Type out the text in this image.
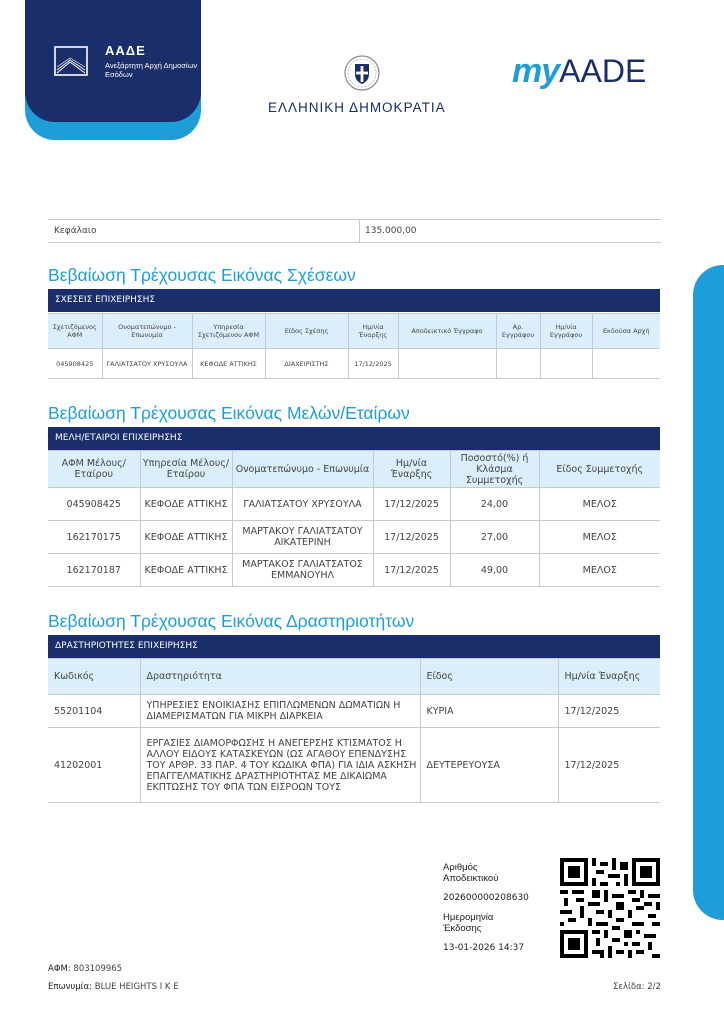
ΑΑΔΕ
Ανεξάρτητη Αρχή Δημοσίων Εσόδων
ΕΛΛΗΝΙΚΗ ΔΗΜΟΚΡΑΤΙΑ
myAADE
Κεφάλαιο	135.000,00
Βεβαίωση Τρέχουσας Εικόνας Σχέσεων
ΣΧΕΣΕΙΣ ΕΠΙΧΕΙΡΗΣΗΣ
Σχετιζόμενος ΑΦΜ	Ονοματεπώνυμο - Επωνυμία	Υπηρεσία Σχετιζόμενου ΑΦΜ	Είδος Σχέσης	Ημ/νία Έναρξης	Αποδεικτικό Έγγραφο	Αρ. Εγγράφου	Ημ/νία Εγγράφου	Εκδούσα Αρχή
045908425	ΓΑΛΙΑΤΣΑΤΟΥ ΧΡΥΣΟΥΛΑ	ΚΕΦΟΔΕ ΑΤΤΙΚΗΣ	ΔΙΑΧΕΙΡΙΣΤΗΣ	17/12/2025				
Βεβαίωση Τρέχουσας Εικόνας Μελών/Εταίρων
ΜΕΛΗ/ΕΤΑΙΡΟΙ ΕΠΙΧΕΙΡΗΣΗΣ
ΑΦΜ Μέλους/Εταίρου	Υπηρεσία Μέλους/Εταίρου	Ονοματεπώνυμο - Επωνυμία	Ημ/νία Έναρξης	Ποσοστό(%) ή Κλάσμα Συμμετοχής	Είδος Συμμετοχής
045908425	ΚΕΦΟΔΕ ΑΤΤΙΚΗΣ	ΓΑΛΙΑΤΣΑΤΟΥ ΧΡΥΣΟΥΛΑ	17/12/2025	24,00	ΜΕΛΟΣ
162170175	ΚΕΦΟΔΕ ΑΤΤΙΚΗΣ	ΜΑΡΤΑΚΟΥ ΓΑΛΙΑΤΣΑΤΟΥ ΑΙΚΑΤΕΡΙΝΗ	17/12/2025	27,00	ΜΕΛΟΣ
162170187	ΚΕΦΟΔΕ ΑΤΤΙΚΗΣ	ΜΑΡΤΑΚΟΣ ΓΑΛΙΑΤΣΑΤΟΣ ΕΜΜΑΝΟΥΗΛ	17/12/2025	49,00	ΜΕΛΟΣ
Βεβαίωση Τρέχουσας Εικόνας Δραστηριοτήτων
ΔΡΑΣΤΗΡΙΟΤΗΤΕΣ ΕΠΙΧΕΙΡΗΣΗΣ
Κωδικός	Δραστηριότητα	Είδος	Ημ/νία Έναρξης
55201104	ΥΠΗΡΕΣΙΕΣ ΕΝΟΙΚΙΑΣΗΣ ΕΠΙΠΛΩΜΕΝΩΝ ΔΩΜΑΤΙΩΝ Η ΔΙΑΜΕΡΙΣΜΑΤΩΝ ΓΙΑ ΜΙΚΡΗ ΔΙΑΡΚΕΙΑ	ΚΥΡΙΑ	17/12/2025
41202001	ΕΡΓΑΣΙΕΣ ΔΙΑΜΟΡΦΩΣΗΣ Η ΑΝΕΓΕΡΣΗΣ ΚΤΙΣΜΑΤΟΣ Η ΑΛΛΟΥ ΕΙΔΟΥΣ ΚΑΤΑΣΚΕΥΩΝ (ΩΣ ΑΓΑΘΟΥ ΕΠΕΝΔΥΣΗΣ ΤΟΥ ΑΡΘΡ. 33 ΠΑΡ. 4 ΤΟΥ ΚΩΔΙΚΑ ΦΠΑ) ΓΙΑ ΙΔΙΑ ΑΣΚΗΣΗ ΕΠΑΓΓΕΛΜΑΤΙΚΗΣ ΔΡΑΣΤΗΡΙΟΤΗΤΑΣ ΜΕ ΔΙΚΑΙΩΜΑ ΕΚΠΤΩΣΗΣ ΤΟΥ ΦΠΑ ΤΩΝ ΕΙΣΡΟΩΝ ΤΟΥΣ	ΔΕΥΤΕΡΕΥΟΥΣΑ	17/12/2025
Αριθμός Αποδεικτικού
202600000208630
Ημερομηνία Έκδοσης
13-01-2026 14:37
ΑΦΜ: 803109965
Επωνυμία: BLUE HEIGHTS I K E	Σελίδα: 2/2
